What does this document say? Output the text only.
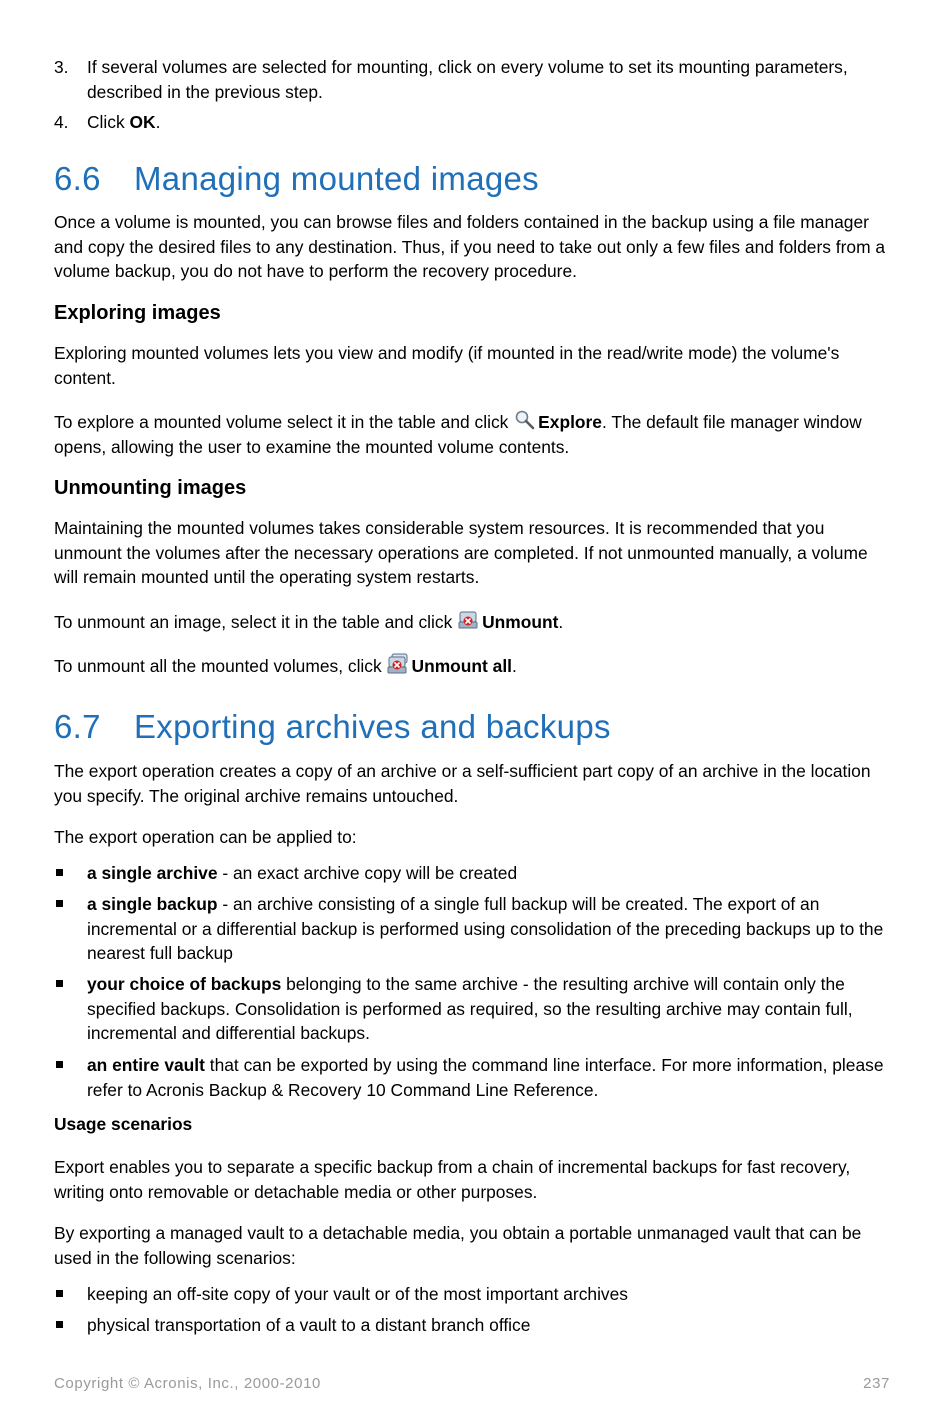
3.	If several volumes are selected for mounting, click on every volume to set its mounting parameters, described in the previous step.
4.	Click OK.
6.6 Managing mounted images

Once a volume is mounted, you can browse files and folders contained in the backup using a file manager and copy the desired files to any destination. Thus, if you need to take out only a few files and folders from a volume backup, you do not have to perform the recovery procedure.

Exploring images

Exploring mounted volumes lets you view and modify (if mounted in the read/write mode) the volume's content.

To explore a mounted volume select it in the table and click Explore. The default file manager window opens, allowing the user to examine the mounted volume contents.

Unmounting images

Maintaining the mounted volumes takes considerable system resources. It is recommended that you unmount the volumes after the necessary operations are completed. If not unmounted manually, a volume will remain mounted until the operating system restarts.

To unmount an image, select it in the table and click Unmount.

To unmount all the mounted volumes, click Unmount all.

6.7 Exporting archives and backups

The export operation creates a copy of an archive or a self-sufficient part copy of an archive in the location you specify. The original archive remains untouched.

The export operation can be applied to:

a single archive - an exact archive copy will be created
a single backup - an archive consisting of a single full backup will be created. The export of an incremental or a differential backup is performed using consolidation of the preceding backups up to the nearest full backup
your choice of backups belonging to the same archive - the resulting archive will contain only the specified backups. Consolidation is performed as required, so the resulting archive may contain full, incremental and differential backups.
an entire vault that can be exported by using the command line interface. For more information, please refer to Acronis Backup & Recovery 10 Command Line Reference.
Usage scenarios

Export enables you to separate a specific backup from a chain of incremental backups for fast recovery, writing onto removable or detachable media or other purposes.

By exporting a managed vault to a detachable media, you obtain a portable unmanaged vault that can be used in the following scenarios:

keeping an off-site copy of your vault or of the most important archives
physical transportation of a vault to a distant branch office
Copyright © Acronis, Inc., 2000-2010	237
